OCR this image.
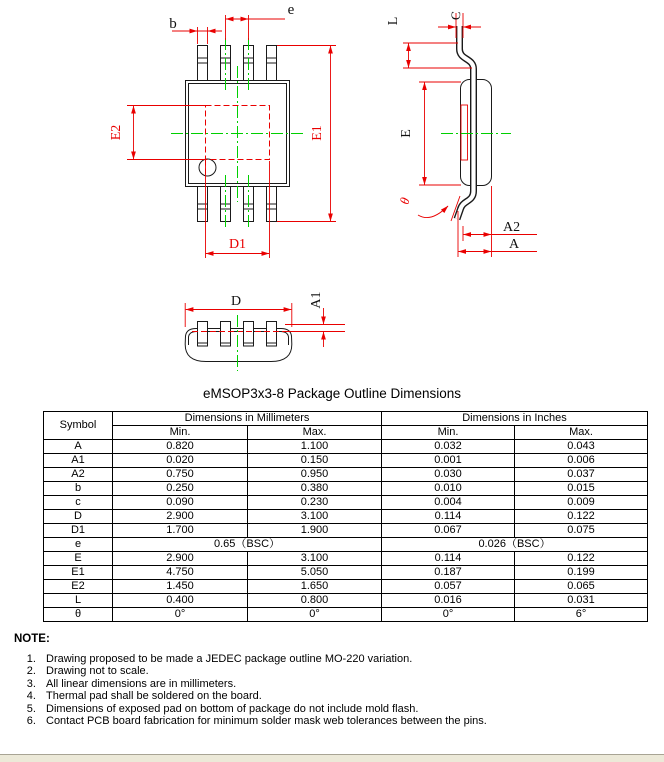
b
e
E1
E2
D1
L
C
E
θ
A2
A
D	A1
eMSOP3x3-8 Package Outline Dimensions
Symbol	Dimensions in Millimeters		Dimensions in Inches	
	Min.	Max.	Min.	Max.
A	0.820	1.100	0.032	0.043
A1	0.020	0.150	0.001	0.006
A2	0.750	0.950	0.030	0.037
b	0.250	0.380	0.010	0.015
c	0.090	0.230	0.004	0.009
D	2.900	3.100	0.114	0.122
D1	1.700	1.900	0.067	0.075
e	0.65（BSC）		0.026（BSC）	
E	2.900	3.100	0.114	0.122
E1	4.750	5.050	0.187	0.199
E2	1.450	1.650	0.057	0.065
L	0.400	0.800	0.016	0.031
θ	0°	0°	0°	6°
NOTE:
1. Drawing proposed to be made a JEDEC package outline MO-220 variation.
2. Drawing not to scale.
3. All linear dimensions are in millimeters.
4. Thermal pad shall be soldered on the board.
5. Dimensions of exposed pad on bottom of package do not include mold flash.
6. Contact PCB board fabrication for minimum solder mask web tolerances between the pins.
